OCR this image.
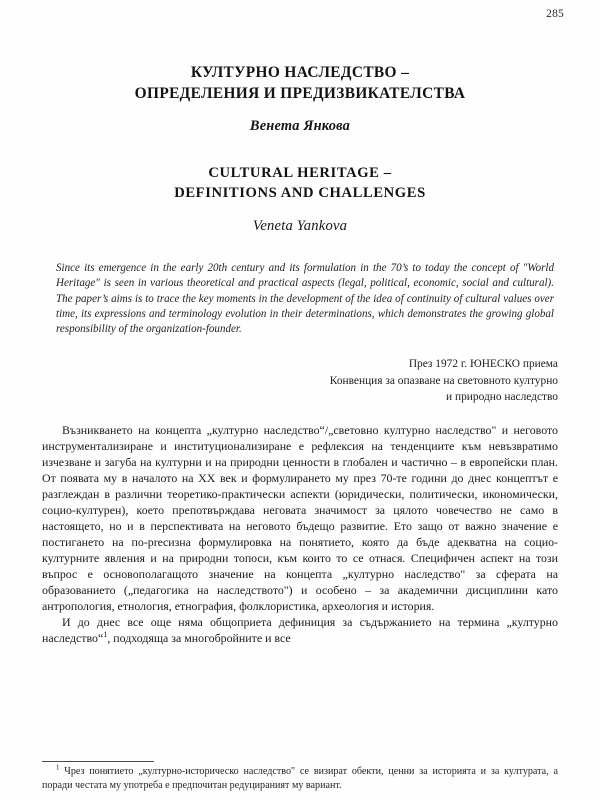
285
КУЛТУРНО НАСЛЕДСТВО –
ОПРЕДЕЛЕНИЯ И ПРЕДИЗВИКАТЕЛСТВА
Венета Янкова
CULTURAL HERITAGE –
DEFINITIONS AND CHALLENGES
Veneta Yankova

Since its emergence in the early 20th century and its formulation in the 70’s to today the concept of "World Heritage" is seen in various theoretical and practical aspects (legal, political, economic, social and cultural). The paper’s aims is to trace the key moments in the development of the idea of continuity of cultural values over time, its expressions and terminology evolution in their determinations, which demonstrates the growing global responsibility of the organization-founder.

През 1972 г. ЮНЕСКО приема
Конвенция за опазване на световното културно
и природно наследство

Възникването на концепта „културно наследство“/„световно културно наследство" и неговото инструментализиране и институционализиране е рефлексия на тенденциите към невъзвратимо изчезване и загуба на културни и на природни ценности в глобален и частично – в европейски план. От появата му в началото на XX век и формулирането му през 70-те години до днес концептът е разглеждан в различни теоретико-практически аспекти (юридически, политически, икономически, социо-културен), което препотвърждава неговата значимост за цялото човечество не само в настоящето, но и в перспективата на неговото бъдещо развитие. Ето защо от важно значение е постигането на по-precизна формулировка на понятието, която да бъде адекватна на социо-културните явления и на природни топоси, към които то се отнася. Специфичен аспект на този въпрос е основополагащото значение на концепта „културно наследство" за сферата на образованието („педагогика на наследството") и особено – за академични дисциплини като антропология, етнология, етнография, фолклористика, археология и история.

И до днес все още няма общоприета дефиниция за съдържанието на термина „културно наследство“$^1$, подходяща за многобройните и все

$^1$ Чрез понятието „културно-историческо наследство" се визират обекти, ценни за историята и за културата, а поради честата му употреба е предпочитан редуцираният му вариант.
